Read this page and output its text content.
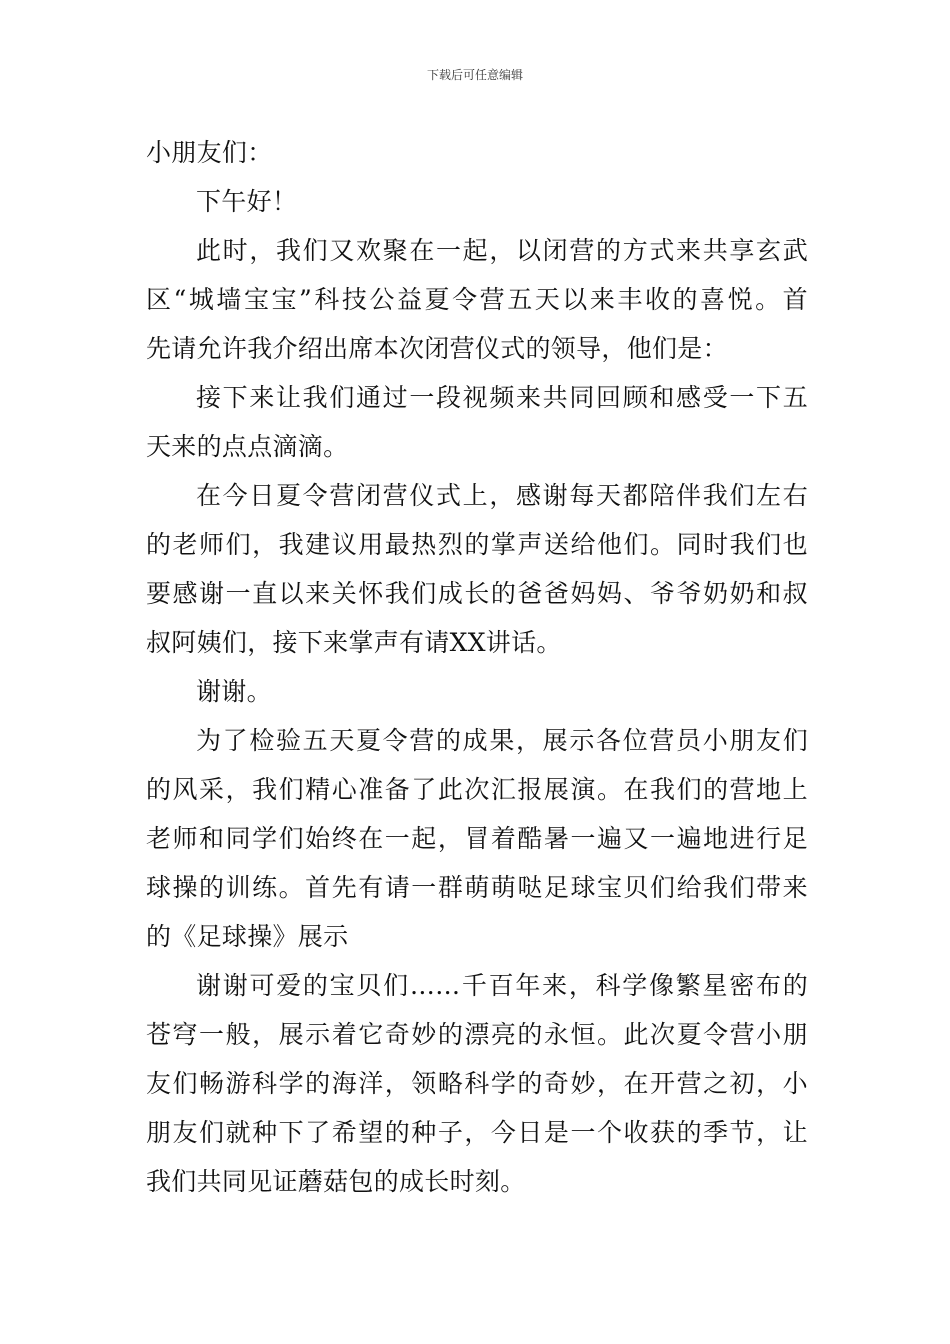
下载后可任意编辑
小朋友们：
下午好！
此时，我们又欢聚在一起，以闭营的方式来共享玄武
区“城墙宝宝”科技公益夏令营五天以来丰收的喜悦。首
先请允许我介绍出席本次闭营仪式的领导，他们是：
接下来让我们通过一段视频来共同回顾和感受一下五
天来的点点滴滴。
在今日夏令营闭营仪式上，感谢每天都陪伴我们左右
的老师们，我建议用最热烈的掌声送给他们。同时我们也
要感谢一直以来关怀我们成长的爸爸妈妈、爷爷奶奶和叔
叔阿姨们，接下来掌声有请XX讲话。
谢谢。
为了检验五天夏令营的成果，展示各位营员小朋友们
的风采，我们精心准备了此次汇报展演。在我们的营地上
老师和同学们始终在一起，冒着酷暑一遍又一遍地进行足
球操的训练。首先有请一群萌萌哒足球宝贝们给我们带来
的《足球操》展示
谢谢可爱的宝贝们……千百年来，科学像繁星密布的
苍穹一般，展示着它奇妙的漂亮的永恒。此次夏令营小朋
友们畅游科学的海洋，领略科学的奇妙，在开营之初，小
朋友们就种下了希望的种子，今日是一个收获的季节，让
我们共同见证蘑菇包的成长时刻。
